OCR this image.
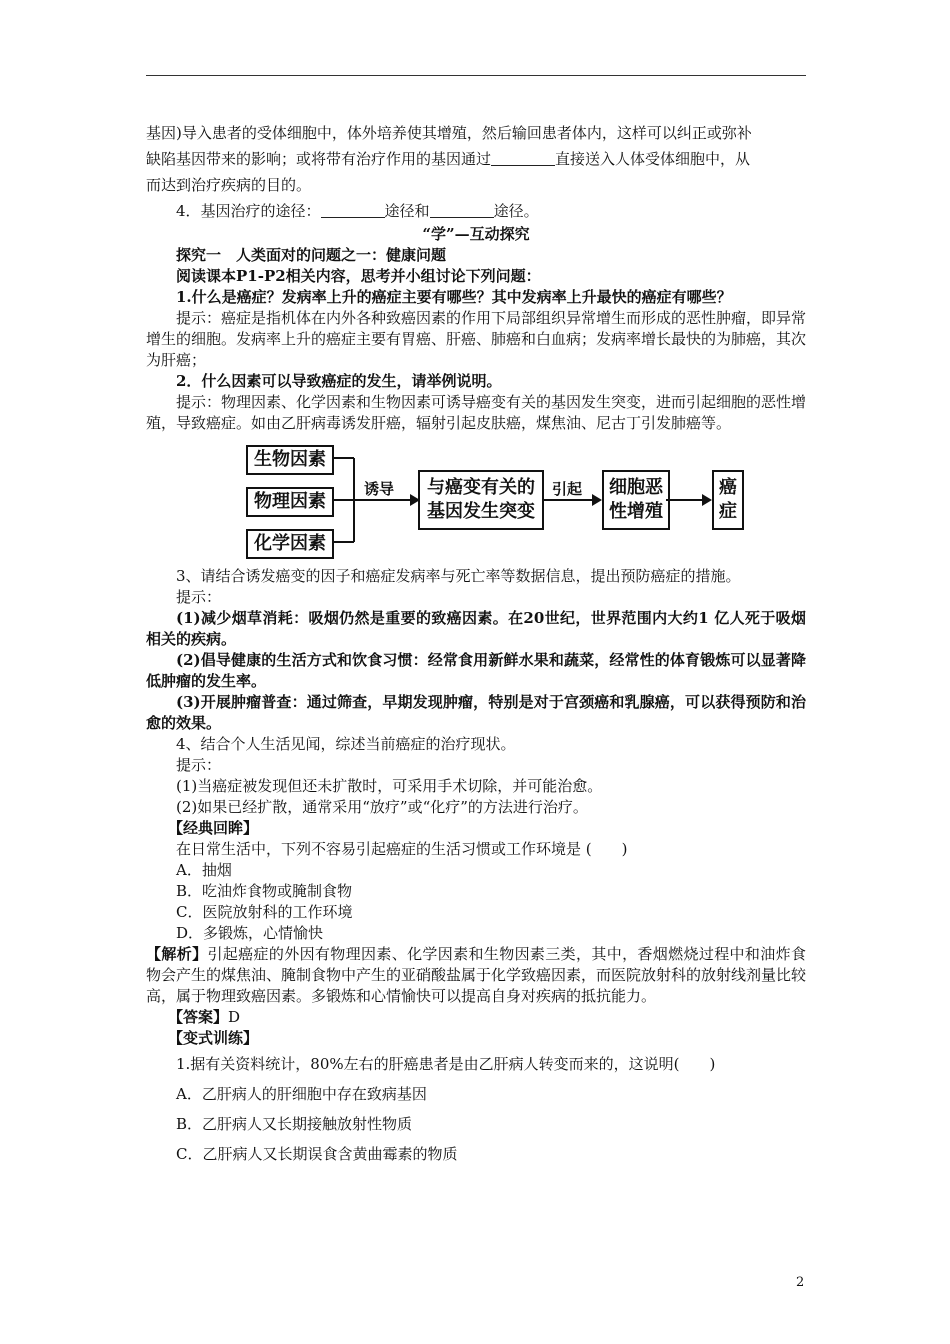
基因)导入患者的受体细胞中，体外培养使其增殖，然后输回患者体内，这样可以纠正或弥补

缺陷基因带来的影响；或将带有治疗作用的基因通过	直接送入人体受体细胞中，从

而达到治疗疾病的目的。

4．基因治疗的途径：	途径和	途径。

“学”—互动探究

探究一　人类面对的问题之一：健康问题

阅读课本P1-P2相关内容，思考并小组讨论下列问题：

1.什么是癌症？发病率上升的癌症主要有哪些？其中发病率上升最快的癌症有哪些？

提示：癌症是指机体在内外各种致癌因素的作用下局部组织异常增生而形成的恶性肿瘤，即异常增生的细胞。发病率上升的癌症主要有胃癌、肝癌、肺癌和白血病；发病率增长最快的为肺癌，其次为肝癌；

2．什么因素可以导致癌症的发生，请举例说明。

提示：物理因素、化学因素和生物因素可诱导癌变有关的基因发生突变，进而引起细胞的恶性增殖，导致癌症。如由乙肝病毒诱发肝癌，辐射引起皮肤癌，煤焦油、尼古丁引发肺癌等。

生物因素
物理因素
化学因素
诱导 与癌变有关的
基因发生突变
引起 细胞恶
性增殖
癌
症

3、请结合诱发癌变的因子和癌症发病率与死亡率等数据信息，提出预防癌症的措施。

提示：

(1)减少烟草消耗：吸烟仍然是重要的致癌因素。在20世纪，世界范围内大约1 亿人死于吸烟相关的疾病。

(2)倡导健康的生活方式和饮食习惯：经常食用新鲜水果和蔬菜，经常性的体育锻炼可以显著降低肿瘤的发生率。

(3)开展肿瘤普查：通过筛查，早期发现肿瘤，特别是对于宫颈癌和乳腺癌，可以获得预防和治愈的效果。

4、结合个人生活见闻，综述当前癌症的治疗现状。

提示：

(1)当癌症被发现但还未扩散时，可采用手术切除，并可能治愈。

(2)如果已经扩散，通常采用“放疗”或“化疗”的方法进行治疗。

【经典回眸】

在日常生活中，下列不容易引起癌症的生活习惯或工作环境是 (　　)

A．抽烟

B．吃油炸食物或腌制食物

C．医院放射科的工作环境

D．多锻炼，心情愉快

【解析】引起癌症的外因有物理因素、化学因素和生物因素三类，其中，香烟燃烧过程中和油炸食物会产生的煤焦油、腌制食物中产生的亚硝酸盐属于化学致癌因素，而医院放射科的放射线剂量比较高，属于物理致癌因素。多锻炼和心情愉快可以提高自身对疾病的抵抗能力。

【答案】D

【变式训练】

1.据有关资料统计，80%左右的肝癌患者是由乙肝病人转变而来的，这说明(　　)

A．乙肝病人的肝细胞中存在致病基因

B．乙肝病人又长期接触放射性物质

C．乙肝病人又长期误食含黄曲霉素的物质

2
